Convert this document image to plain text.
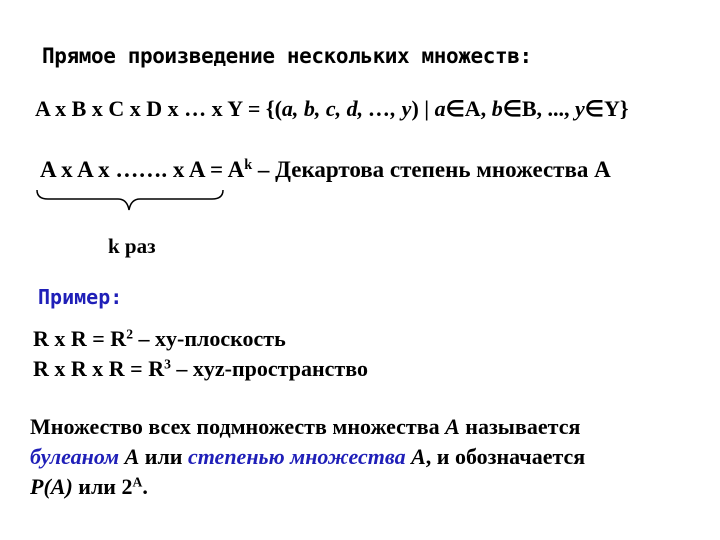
Прямое произведение нескольких множеств:
A x B x C x D x … x Y = {(a, b, c, d, …, y) | a∈A, b∈B, ..., y∈Y}
A x A x ……. x $A = A^k$ – Декартова степень множества A
k раз
Пример:
R x $R = R^2$ – xy-плоскость
R x R x $R = R^3$ – xyz-пространство
Множество всех подмножеств множества A называется
булеаном A или степенью множества A, и обозначается
P(A) или $2^A$.
